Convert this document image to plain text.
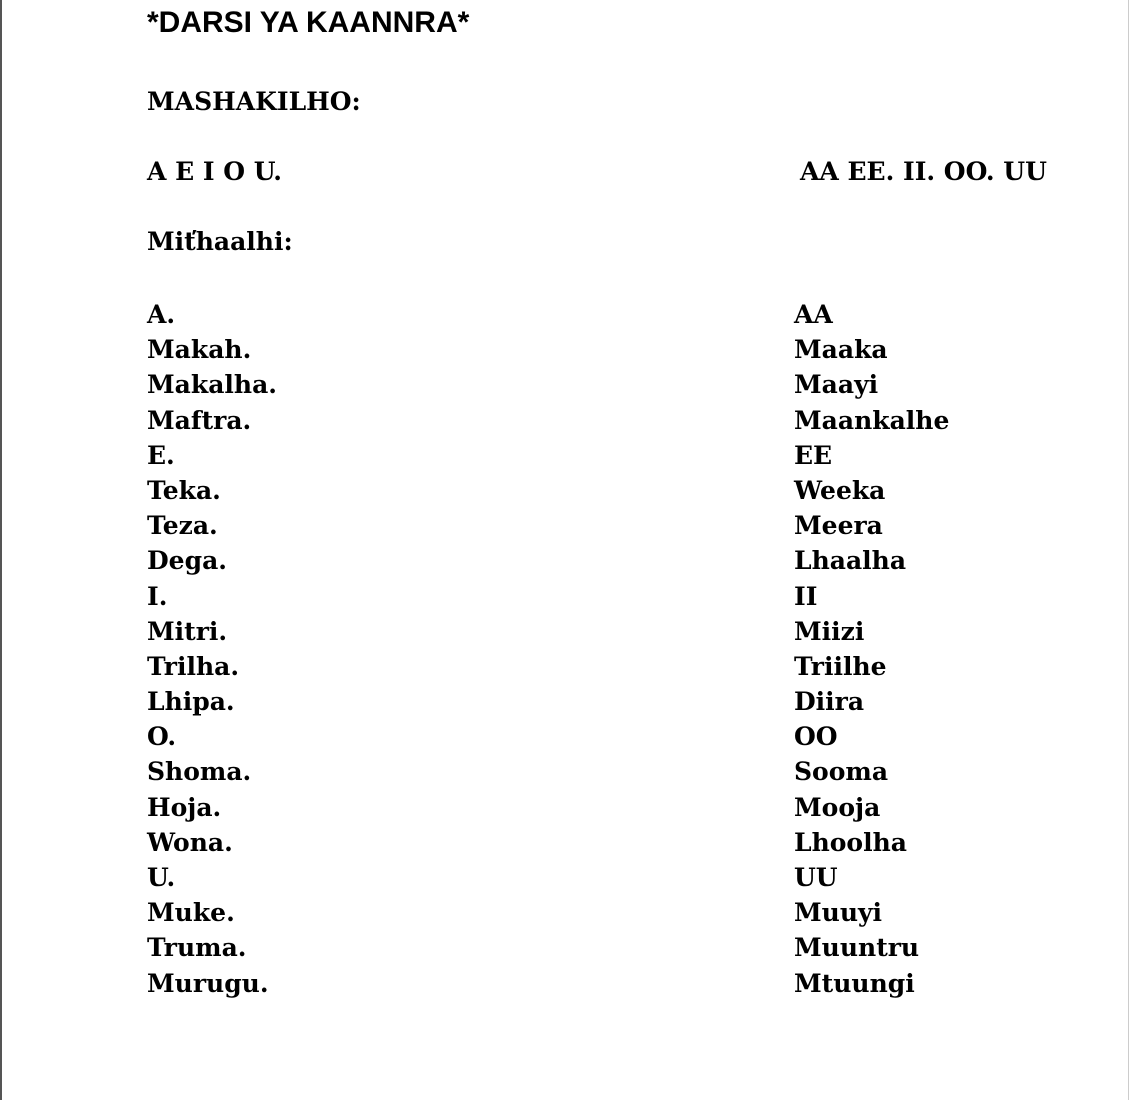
*DARSI YA KAANNRA*
MASHAKILHO:
A E I O U.	AA EE. II. OO. UU
Miťhaalhi:
A.
Makah.
Makalha.
Maftra.
E.
Teka.
Teza.
Dega.
I.
Mitri.
Trilha.
Lhipa.
O.
Shoma.
Hoja.
Wona.
U.
Muke.
Truma.
Murugu.
AA
Maaka
Maayi
Maankalhe
EE
Weeka
Meera
Lhaalha
II
Miizi
Triilhe
Diira
OO
Sooma
Mooja
Lhoolha
UU
Muuyi
Muuntru
Mtuungi
